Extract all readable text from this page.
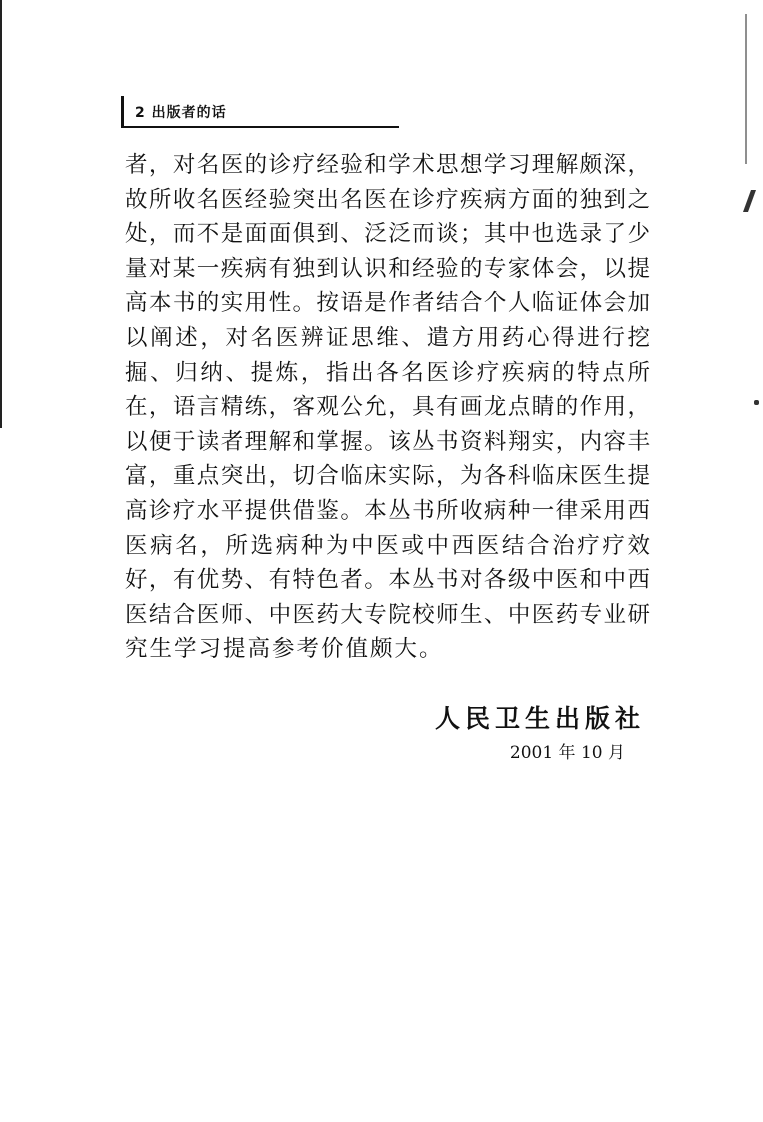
2 出版者的话
者，对名医的诊疗经验和学术思想学习理解颇深，
故所收名医经验突出名医在诊疗疾病方面的独到之
处，而不是面面俱到、泛泛而谈；其中也选录了少
量对某一疾病有独到认识和经验的专家体会，以提
高本书的实用性。按语是作者结合个人临证体会加
以阐述，对名医辨证思维、遣方用药心得进行挖
掘、归纳、提炼，指出各名医诊疗疾病的特点所
在，语言精练，客观公允，具有画龙点睛的作用，
以便于读者理解和掌握。该丛书资料翔实，内容丰
富，重点突出，切合临床实际，为各科临床医生提
高诊疗水平提供借鉴。本丛书所收病种一律采用西
医病名，所选病种为中医或中西医结合治疗疗效
好，有优势、有特色者。本丛书对各级中医和中西
医结合医师、中医药大专院校师生、中医药专业研
究生学习提高参考价值颇大。
人民卫生出版社
2001 年 10 月
